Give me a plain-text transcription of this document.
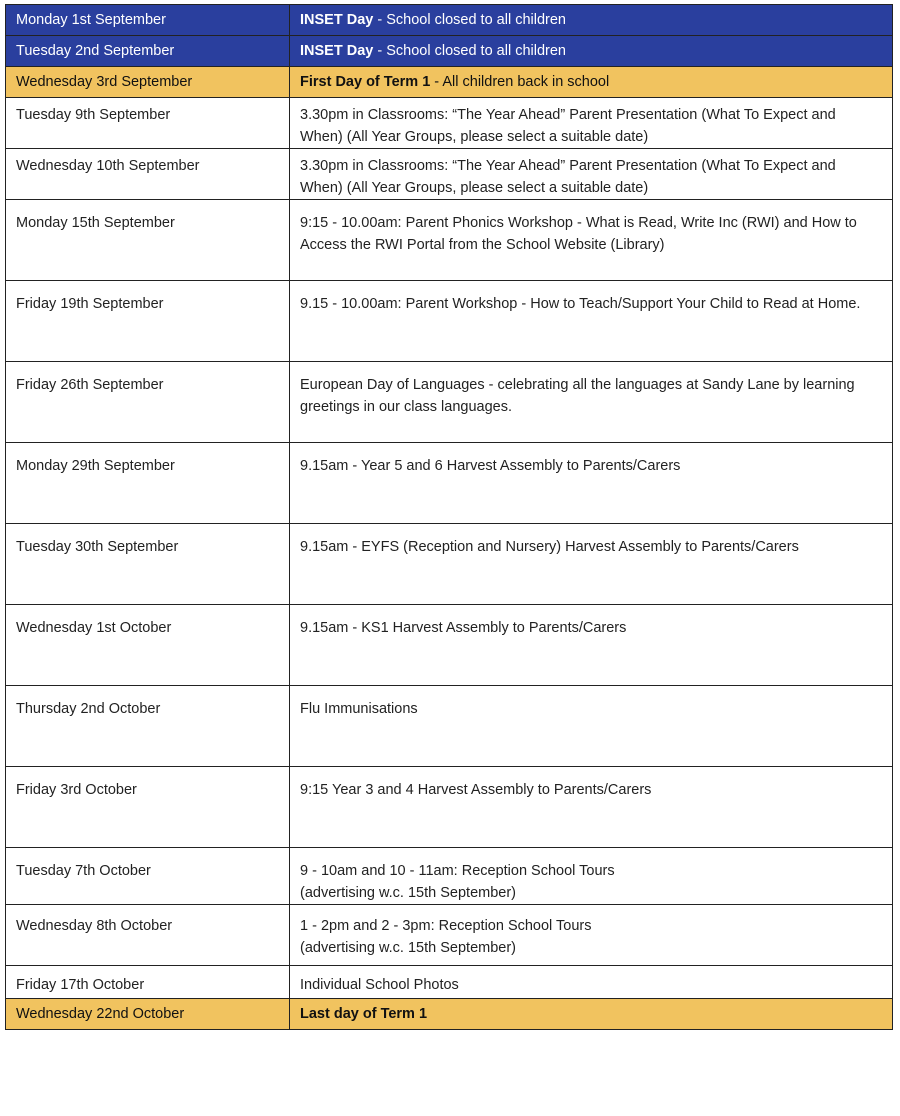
Monday 1st September	INSET Day - School closed to all children
Tuesday 2nd September	INSET Day - School closed to all children
Wednesday 3rd September	First Day of Term 1 - All children back in school
Tuesday 9th September	3.30pm in Classrooms: “The Year Ahead” Parent Presentation (What To Expect and When) (All Year Groups, please select a suitable date)
Wednesday 10th September	3.30pm in Classrooms: “The Year Ahead” Parent Presentation (What To Expect and When) (All Year Groups, please select a suitable date)
Monday 15th September	9:15 - 10.00am: Parent Phonics Workshop - What is Read, Write Inc (RWI) and How to Access the RWI Portal from the School Website (Library)
Friday 19th September	9.15 - 10.00am: Parent Workshop - How to Teach/Support Your Child to Read at Home.
Friday 26th September	European Day of Languages - celebrating all the languages at Sandy Lane by learning greetings in our class languages.
Monday 29th September	9.15am - Year 5 and 6 Harvest Assembly to Parents/Carers
Tuesday 30th September	9.15am - EYFS (Reception and Nursery) Harvest Assembly to Parents/Carers
Wednesday 1st October	9.15am - KS1 Harvest Assembly to Parents/Carers
Thursday 2nd October	Flu Immunisations
Friday 3rd October	9:15 Year 3 and 4 Harvest Assembly to Parents/Carers
Tuesday 7th October	9 - 10am and 10 - 11am: Reception School Tours
(advertising w.c. 15th September)

Wednesday 8th October	1 - 2pm and 2 - 3pm: Reception School Tours
(advertising w.c. 15th September)

Friday 17th October	Individual School Photos
Wednesday 22nd October	Last day of Term 1
